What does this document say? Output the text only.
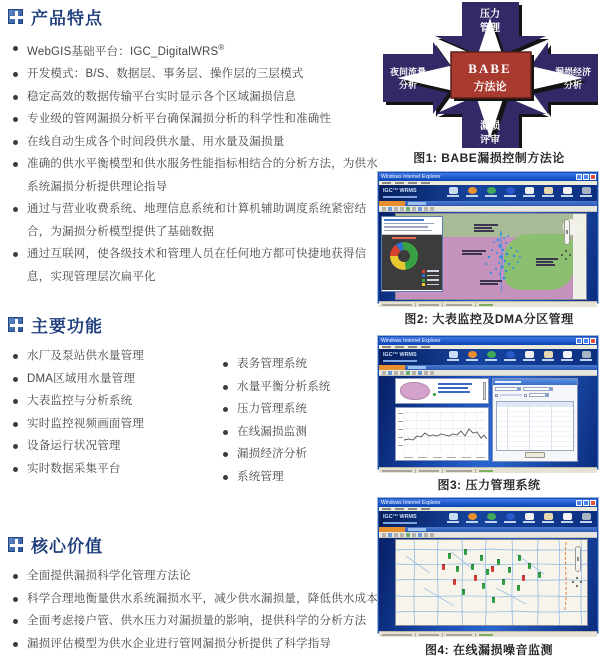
产品特点
WebGIS基础平台：IGC_DigitalWRS®
开发模式：B/S、数据层、事务层、操作层的三层模式
稳定高效的数据传输平台实时显示各个区域漏损信息
专业级的管网漏损分析平台确保漏损分析的科学性和准确性
在线自动生成各个时间段供水量、用水量及漏损量
准确的供水平衡模型和供水服务性能指标相结合的分析方法，为供水系统漏损分析提供理论指导
通过与营业收费系统、地理信息系统和计算机辅助调度系统紧密结合，为漏损分析模型提供了基础数据
通过互联网，使各级技术和管理人员在任何地方都可快捷地获得信息，实现管理层次扁平化
主要功能
水厂及泵站供水量管理
DMA区域用水量管理
大表监控与分析系统
实时监控视频画面管理
设备运行状况管理
实时数据采集平台
表务管理系统
水量平衡分析系统
压力管理系统
在线漏损监测
漏损经济分析
系统管理
核心价值
全面提供漏损科学化管理方法论
科学合理地衡量供水系统漏损水平，减少供水漏损量，降低供水成本
全面考虑接户管、供水压力对漏损量的影响，提供科学的分析方法
漏损评估模型为供水企业进行管网漏损分析提供了科学指导
BABE
方法论
压力
管理
夜间流量
分析
漏损经济
分析
漏损
评审
图1: BABE漏损控制方法论
Windows Internet Explorer
IGC™ WRMS
图2: 大表监控及DMA分区管理
Windows Internet Explorer
IGC™ WRMS
图3: 压力管理系统
Windows Internet Explorer
IGC™ WRMS
图4: 在线漏损噪音监测
